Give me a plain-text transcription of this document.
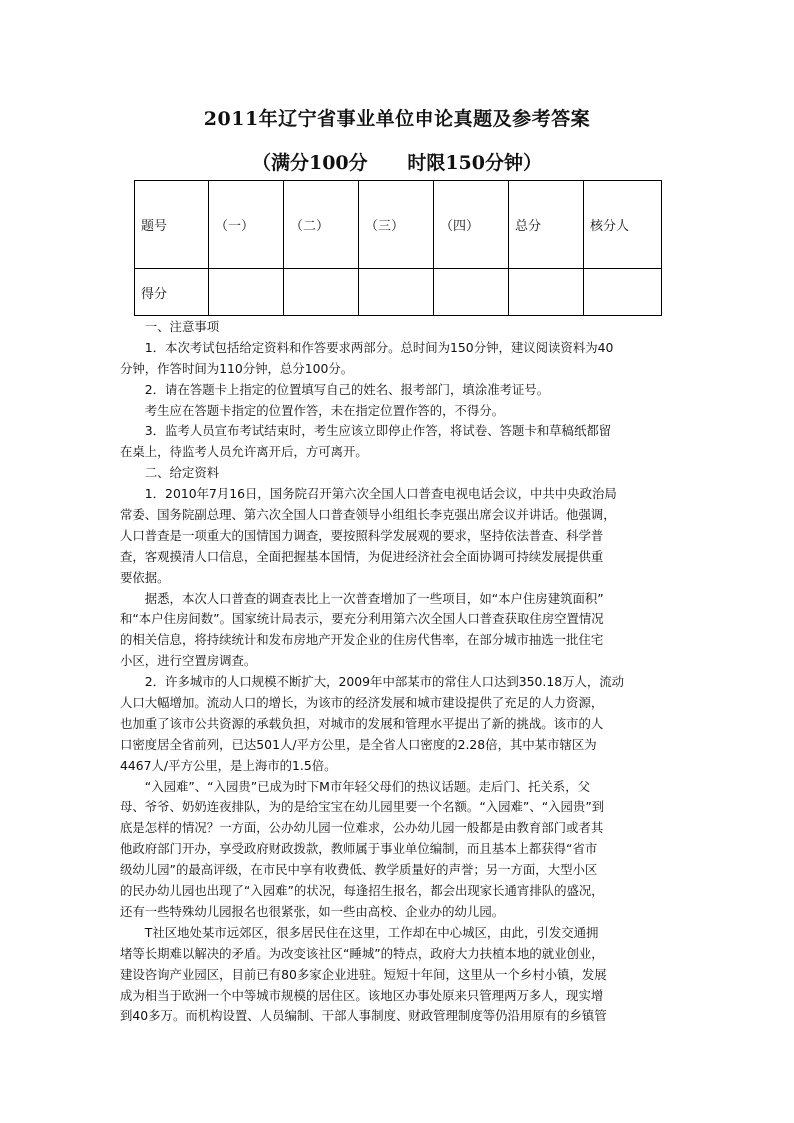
2011年辽宁省事业单位申论真题及参考答案
（满分100分      时限150分钟）
题号	（一）	（二）	（三）	（四）	总分	核分人
得分						
　　一、注意事项
　　1．本次考试包括给定资料和作答要求两部分。总时间为150分钟，建议阅读资料为40
分钟，作答时间为110分钟，总分100分。
　　2．请在答题卡上指定的位置填写自己的姓名、报考部门，填涂准考证号。
　　考生应在答题卡指定的位置作答，未在指定位置作答的，不得分。
　　3．监考人员宣布考试结束时，考生应该立即停止作答，将试卷、答题卡和草稿纸都留
在桌上，待监考人员允许离开后，方可离开。
　　二、给定资料
　　1．2010年7月16日，国务院召开第六次全国人口普查电视电话会议，中共中央政治局
常委、国务院副总理、第六次全国人口普查领导小组组长李克强出席会议并讲话。他强调，
人口普查是一项重大的国情国力调查，要按照科学发展观的要求，坚持依法普查、科学普
查，客观摸清人口信息，全面把握基本国情，为促进经济社会全面协调可持续发展提供重
要依据。
　　据悉，本次人口普查的调查表比上一次普查增加了一些项目，如“本户住房建筑面积”
和“本户住房间数”。国家统计局表示，要充分利用第六次全国人口普查获取住房空置情况
的相关信息，将持续统计和发布房地产开发企业的住房代售率，在部分城市抽选一批住宅
小区，进行空置房调查。
　　2．许多城市的人口规模不断扩大，2009年中部某市的常住人口达到350.18万人，流动
人口大幅增加。流动人口的增长，为该市的经济发展和城市建设提供了充足的人力资源，
也加重了该市公共资源的承载负担，对城市的发展和管理水平提出了新的挑战。该市的人
口密度居全省前列，已达501人/平方公里，是全省人口密度的2.28倍，其中某市辖区为
4467人/平方公里，是上海市的1.5倍。
　　“入园难”、“入园贵”已成为时下M市年轻父母们的热议话题。走后门、托关系，父
母、爷爷、奶奶连夜排队，为的是给宝宝在幼儿园里要一个名额。“入园难”、“入园贵”到
底是怎样的情况？一方面，公办幼儿园一位难求，公办幼儿园一般都是由教育部门或者其
他政府部门开办，享受政府财政拨款，教师属于事业单位编制，而且基本上都获得“省市
级幼儿园”的最高评级，在市民中享有收费低、教学质量好的声誉；另一方面，大型小区
的民办幼儿园也出现了“入园难”的状况，每逢招生报名，都会出现家长通宵排队的盛况，
还有一些特殊幼儿园报名也很紧张，如一些由高校、企业办的幼儿园。
　　T社区地处某市远郊区，很多居民住在这里，工作却在中心城区，由此，引发交通拥
堵等长期难以解决的矛盾。为改变该社区“睡城”的特点，政府大力扶植本地的就业创业，
建设咨询产业园区，目前已有80多家企业进驻。短短十年间，这里从一个乡村小镇，发展
成为相当于欧洲一个中等城市规模的居住区。该地区办事处原来只管理两万多人，现实增
到40多万。而机构设置、人员编制、干部人事制度、财政管理制度等仍沿用原有的乡镇管
